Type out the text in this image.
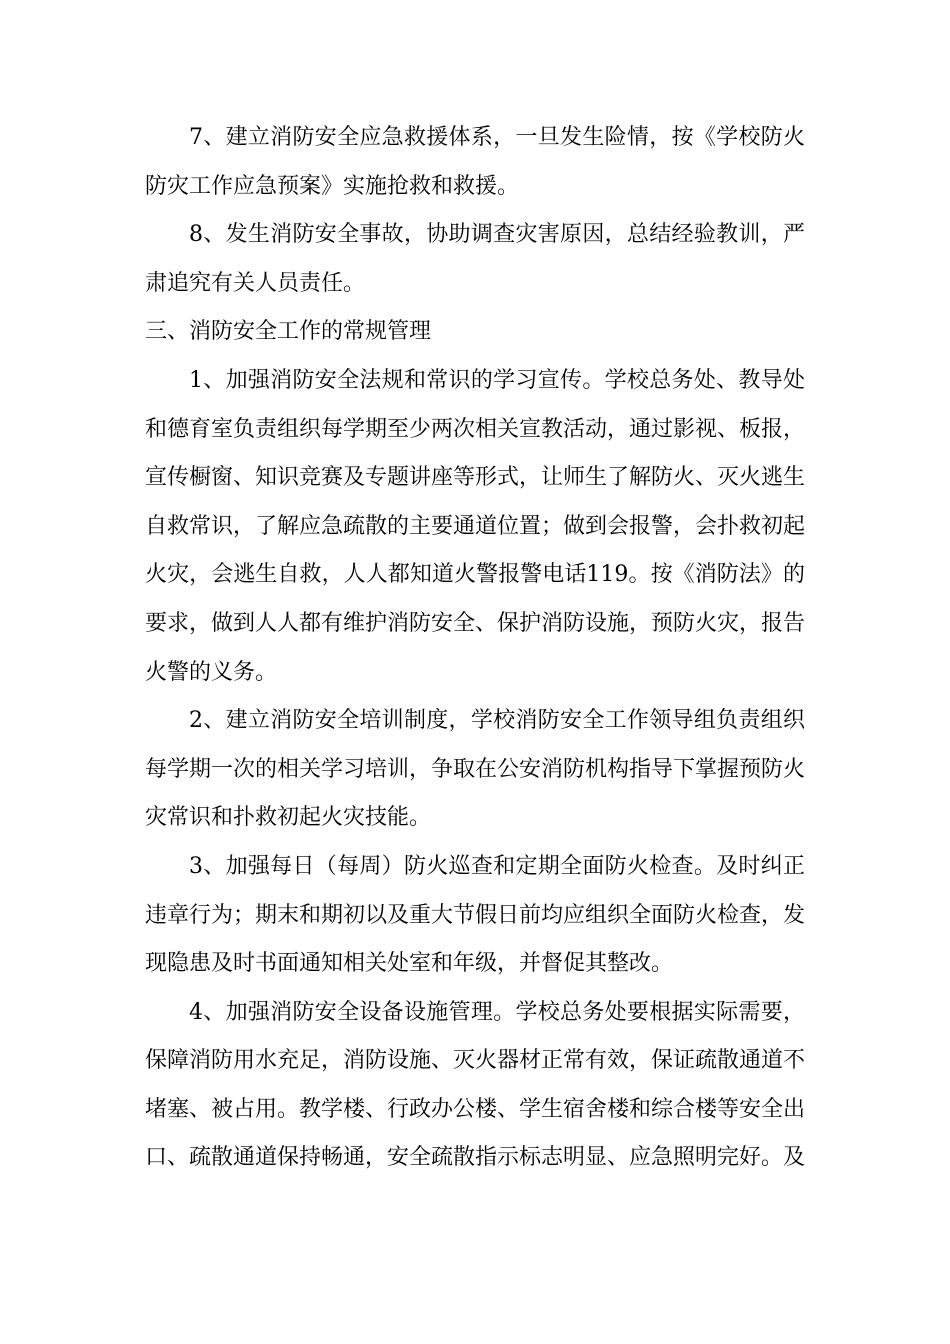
7、建立消防安全应急救援体系，一旦发生险情，按《学校防火防灾工作应急预案》实施抢救和救援。

8、发生消防安全事故，协助调查灾害原因，总结经验教训，严肃追究有关人员责任。

三、消防安全工作的常规管理

1、加强消防安全法规和常识的学习宣传。学校总务处、教导处和德育室负责组织每学期至少两次相关宣教活动，通过影视、板报，宣传橱窗、知识竞赛及专题讲座等形式，让师生了解防火、灭火逃生自救常识，了解应急疏散的主要通道位置；做到会报警，会扑救初起火灾，会逃生自救，人人都知道火警报警电话119。按《消防法》的要求，做到人人都有维护消防安全、保护消防设施，预防火灾，报告火警的义务。

2、建立消防安全培训制度，学校消防安全工作领导组负责组织每学期一次的相关学习培训，争取在公安消防机构指导下掌握预防火灾常识和扑救初起火灾技能。

3、加强每日（每周）防火巡查和定期全面防火检查。及时纠正违章行为；期末和期初以及重大节假日前均应组织全面防火检查，发现隐患及时书面通知相关处室和年级，并督促其整改。

4、加强消防安全设备设施管理。学校总务处要根据实际需要，保障消防用水充足，消防设施、灭火器材正常有效，保证疏散通道不堵塞、被占用。教学楼、行政办公楼、学生宿舍楼和综合楼等安全出口、疏散通道保持畅通，安全疏散指示标志明显、应急照明完好。及
